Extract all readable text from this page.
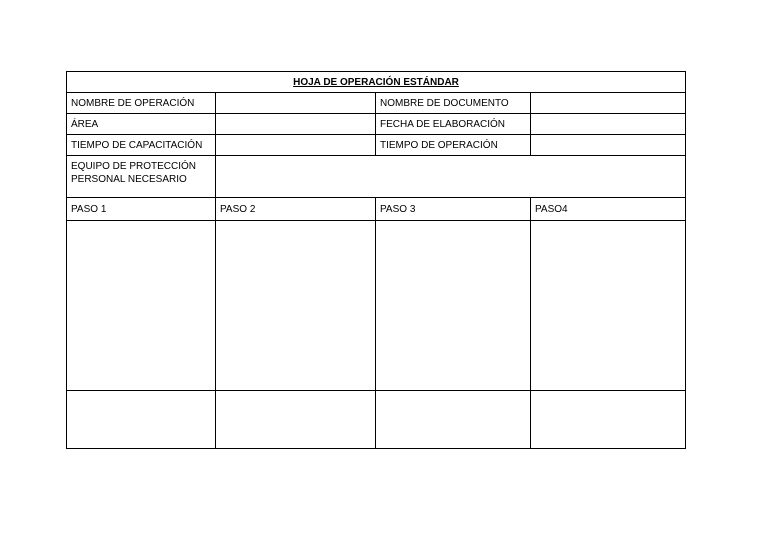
HOJA DE OPERACIÓN ESTÁNDAR			
NOMBRE DE OPERACIÓN		NOMBRE DE DOCUMENTO	
ÁREA		FECHA DE ELABORACIÓN	
TIEMPO DE CAPACITACIÓN		TIEMPO DE OPERACIÓN	
EQUIPO DE PROTECCIÓN PERSONAL NECESARIO			
PASO 1	PASO 2	PASO 3	PASO4
